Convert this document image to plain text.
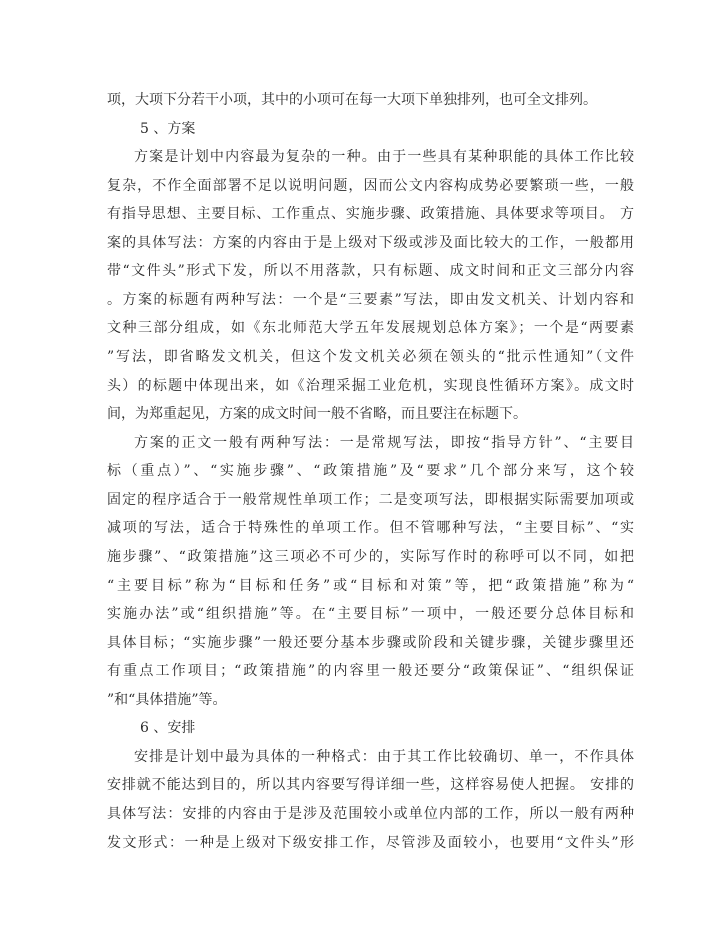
项，大项下分若干小项，其中的小项可在每一大项下单独排列，也可全文排列。
5 、方案
方案是计划中内容最为复杂的一种。由于一些具有某种职能的具体工作比较
复杂，不作全面部署不足以说明问题，因而公文内容构成势必要繁琐一些，一般
有指导思想、主要目标、工作重点、实施步骤、政策措施、具体要求等项目。 方
案的具体写法：方案的内容由于是上级对下级或涉及面比较大的工作，一般都用
带“文件头”形式下发，所以不用落款，只有标题、成文时间和正文三部分内容
。方案的标题有两种写法：一个是“三要素”写法，即由发文机关、计划内容和
文种三部分组成，如《东北师范大学五年发展规划总体方案》；一个是“两要素
”写法，即省略发文机关，但这个发文机关必须在领头的“批示性通知”（文件
头）的标题中体现出来，如《治理采掘工业危机，实现良性循环方案》。成文时
间，为郑重起见，方案的成文时间一般不省略，而且要注在标题下。
方案的正文一般有两种写法：一是常规写法，即按“指导方针”、“主要目
标（重点）”、“实施步骤”、“政策措施”及“要求”几个部分来写，这个较
固定的程序适合于一般常规性单项工作；二是变项写法，即根据实际需要加项或
减项的写法，适合于特殊性的单项工作。但不管哪种写法，“主要目标”、“实
施步骤”、“政策措施”这三项必不可少的，实际写作时的称呼可以不同，如把
“主要目标”称为“目标和任务”或“目标和对策”等，把“政策措施”称为“
实施办法”或“组织措施”等。在“主要目标”一项中，一般还要分总体目标和
具体目标；“实施步骤”一般还要分基本步骤或阶段和关键步骤，关键步骤里还
有重点工作项目；“政策措施”的内容里一般还要分“政策保证”、“组织保证
”和“具体措施”等。
6 、安排
安排是计划中最为具体的一种格式：由于其工作比较确切、单一，不作具体
安排就不能达到目的，所以其内容要写得详细一些，这样容易使人把握。 安排的
具体写法：安排的内容由于是涉及范围较小或单位内部的工作，所以一般有两种
发文形式：一种是上级对下级安排工作，尽管涉及面较小，也要用“文件头”形
